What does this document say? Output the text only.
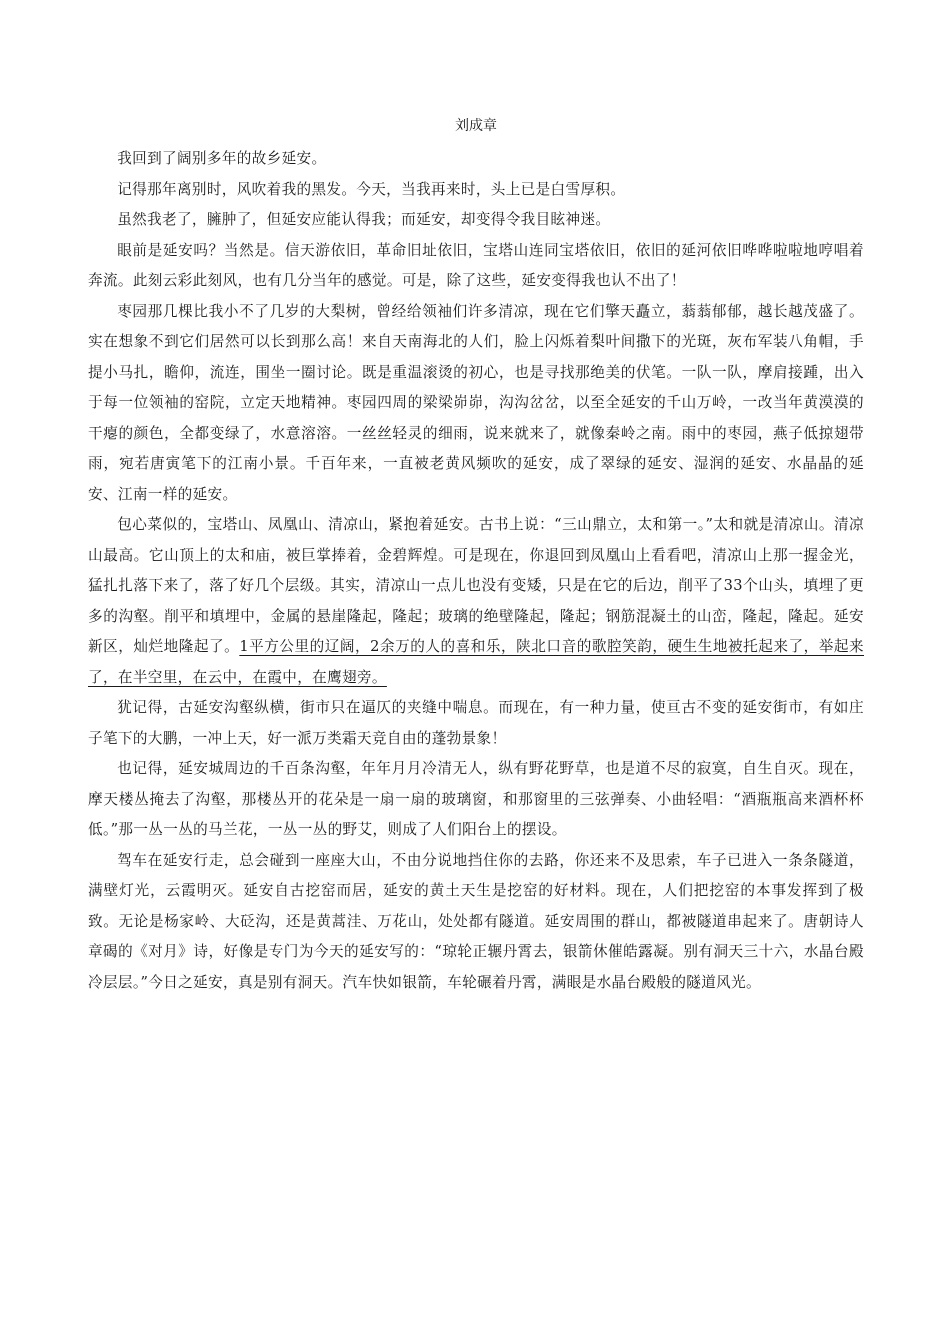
刘成章

我回到了阔别多年的故乡延安。

记得那年离别时，风吹着我的黑发。今天，当我再来时，头上已是白雪厚积。

虽然我老了，臃肿了，但延安应能认得我；而延安，却变得令我目眩神迷。

眼前是延安吗？当然是。信天游依旧，革命旧址依旧，宝塔山连同宝塔依旧，依旧的延河依旧哗哗啦啦地哼唱着奔流。此刻云彩此刻风，也有几分当年的感觉。可是，除了这些，延安变得我也认不出了！

枣园那几棵比我小不了几岁的大梨树，曾经给领袖们许多清凉，现在它们擎天矗立，蓊蓊郁郁，越长越茂盛了。实在想象不到它们居然可以长到那么高！来自天南海北的人们，脸上闪烁着梨叶间撒下的光斑，灰布军装八角帽，手提小马扎，瞻仰，流连，围坐一圈讨论。既是重温滚烫的初心，也是寻找那绝美的伏笔。一队一队，摩肩接踵，出入于每一位领袖的窑院，立定天地精神。枣园四周的梁梁峁峁，沟沟岔岔，以至全延安的千山万岭，一改当年黄漠漠的干瘪的颜色，全都变绿了，水意溶溶。一丝丝轻灵的细雨，说来就来了，就像秦岭之南。雨中的枣园，燕子低掠翅带雨，宛若唐寅笔下的江南小景。千百年来，一直被老黄风频吹的延安，成了翠绿的延安、湿润的延安、水晶晶的延安、江南一样的延安。

包心菜似的，宝塔山、凤凰山、清凉山，紧抱着延安。古书上说：“三山鼎立，太和第一。”太和就是清凉山。清凉山最高。它山顶上的太和庙，被巨掌捧着，金碧辉煌。可是现在，你退回到凤凰山上看看吧，清凉山上那一握金光，猛扎扎落下来了，落了好几个层级。其实，清凉山一点儿也没有变矮，只是在它的后边，削平了33个山头，填埋了更多的沟壑。削平和填埋中，金属的悬崖隆起，隆起；玻璃的绝壁隆起，隆起；钢筋混凝土的山峦，隆起，隆起。延安新区，灿烂地隆起了。1平方公里的辽阔，2余万的人的喜和乐，陕北口音的歌腔笑韵，硬生生地被托起来了，举起来了，在半空里，在云中，在霞中，在鹰翅旁。

犹记得，古延安沟壑纵横，街市只在逼仄的夹缝中喘息。而现在，有一种力量，使亘古不变的延安街市，有如庄子笔下的大鹏，一冲上天，好一派万类霜天竞自由的蓬勃景象！

也记得，延安城周边的千百条沟壑，年年月月冷清无人，纵有野花野草，也是道不尽的寂寞，自生自灭。现在，摩天楼丛掩去了沟壑，那楼丛开的花朵是一扇一扇的玻璃窗，和那窗里的三弦弹奏、小曲轻唱：“酒瓶瓶高来酒杯杯低。”那一丛一丛的马兰花，一丛一丛的野艾，则成了人们阳台上的摆设。

驾车在延安行走，总会碰到一座座大山，不由分说地挡住你的去路，你还来不及思索，车子已进入一条条隧道，满壁灯光，云霞明灭。延安自古挖窑而居，延安的黄土天生是挖窑的好材料。现在，人们把挖窑的本事发挥到了极致。无论是杨家岭、大砭沟，还是黄蒿洼、万花山，处处都有隧道。延安周围的群山，都被隧道串起来了。唐朝诗人章碣的《对月》诗，好像是专门为今天的延安写的：“琼轮正辗丹霄去，银箭休催皓露凝。别有洞天三十六，水晶台殿冷层层。”今日之延安，真是别有洞天。汽车快如银箭，车轮碾着丹霄，满眼是水晶台殿般的隧道风光。
